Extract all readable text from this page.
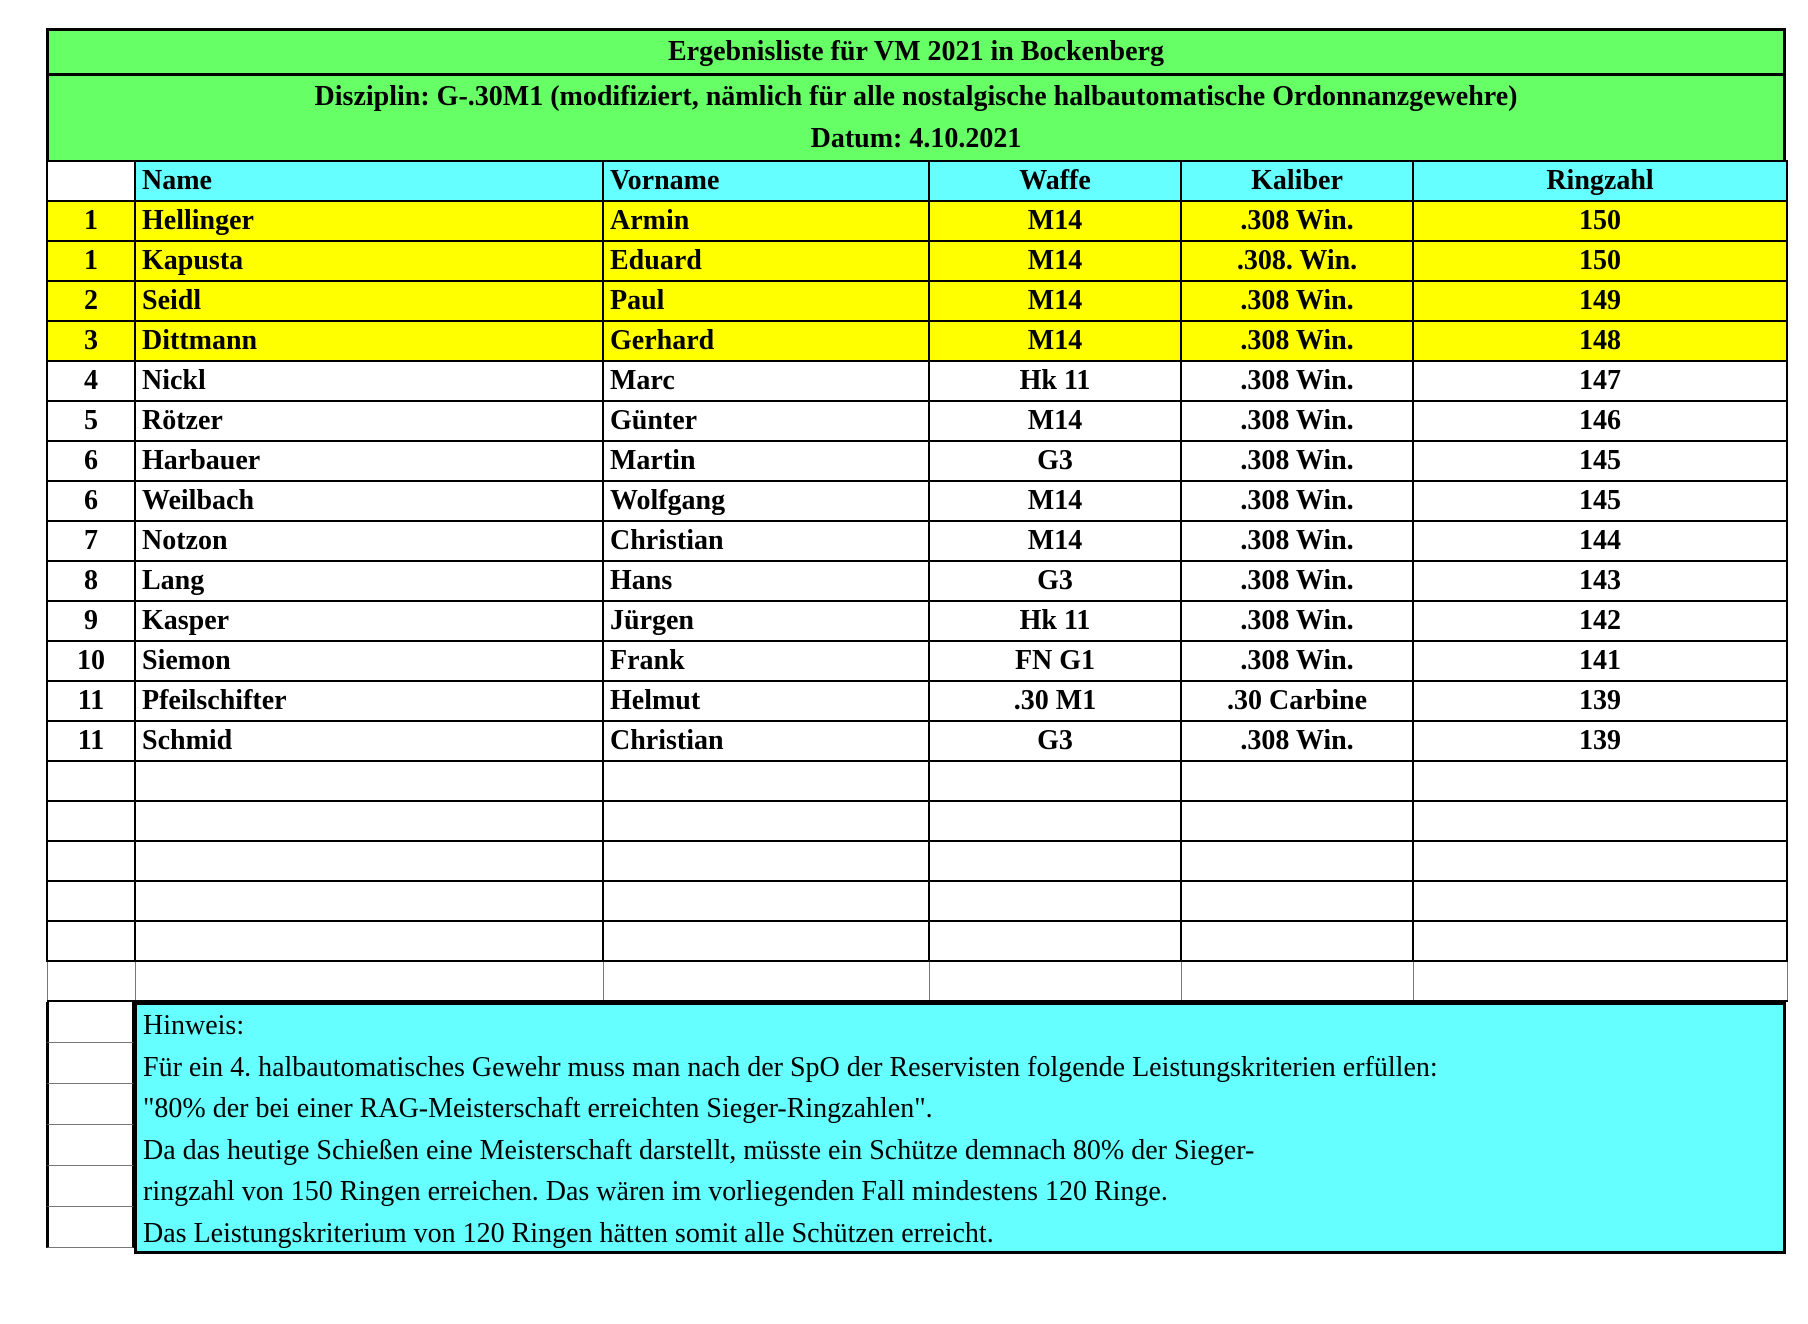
Ergebnisliste für VM 2021 in Bockenberg
Disziplin: G-.30M1 (modifiziert, nämlich für alle nostalgische halbautomatische Ordonnanzgewehre)
Datum: 4.10.2021
	Name	Vorname	Waffe	Kaliber	Ringzahl
1	Hellinger	Armin	M14	.308 Win.	150
1	Kapusta	Eduard	M14	.308. Win.	150
2	Seidl	Paul	M14	.308 Win.	149
3	Dittmann	Gerhard	M14	.308 Win.	148
4	Nickl	Marc	Hk 11	.308 Win.	147
5	Rötzer	Günter	M14	.308 Win.	146
6	Harbauer	Martin	G3	.308 Win.	145
6	Weilbach	Wolfgang	M14	.308 Win.	145
7	Notzon	Christian	M14	.308 Win.	144
8	Lang	Hans	G3	.308 Win.	143
9	Kasper	Jürgen	Hk 11	.308 Win.	142
10	Siemon	Frank	FN G1	.308 Win.	141
11	Pfeilschifter	Helmut	.30 M1	.30 Carbine	139
11	Schmid	Christian	G3	.308 Win.	139

Hinweis:

Für ein 4. halbautomatisches Gewehr muss man nach der SpO der Reservisten folgende Leistungskriterien erfüllen:

"80% der bei einer RAG-Meisterschaft erreichten Sieger-Ringzahlen".

Da das heutige Schießen eine Meisterschaft darstellt, müsste ein Schütze demnach 80% der Sieger-

ringzahl von 150 Ringen erreichen. Das wären im vorliegenden Fall mindestens 120 Ringe.

Das Leistungskriterium von 120 Ringen hätten somit alle Schützen erreicht.
